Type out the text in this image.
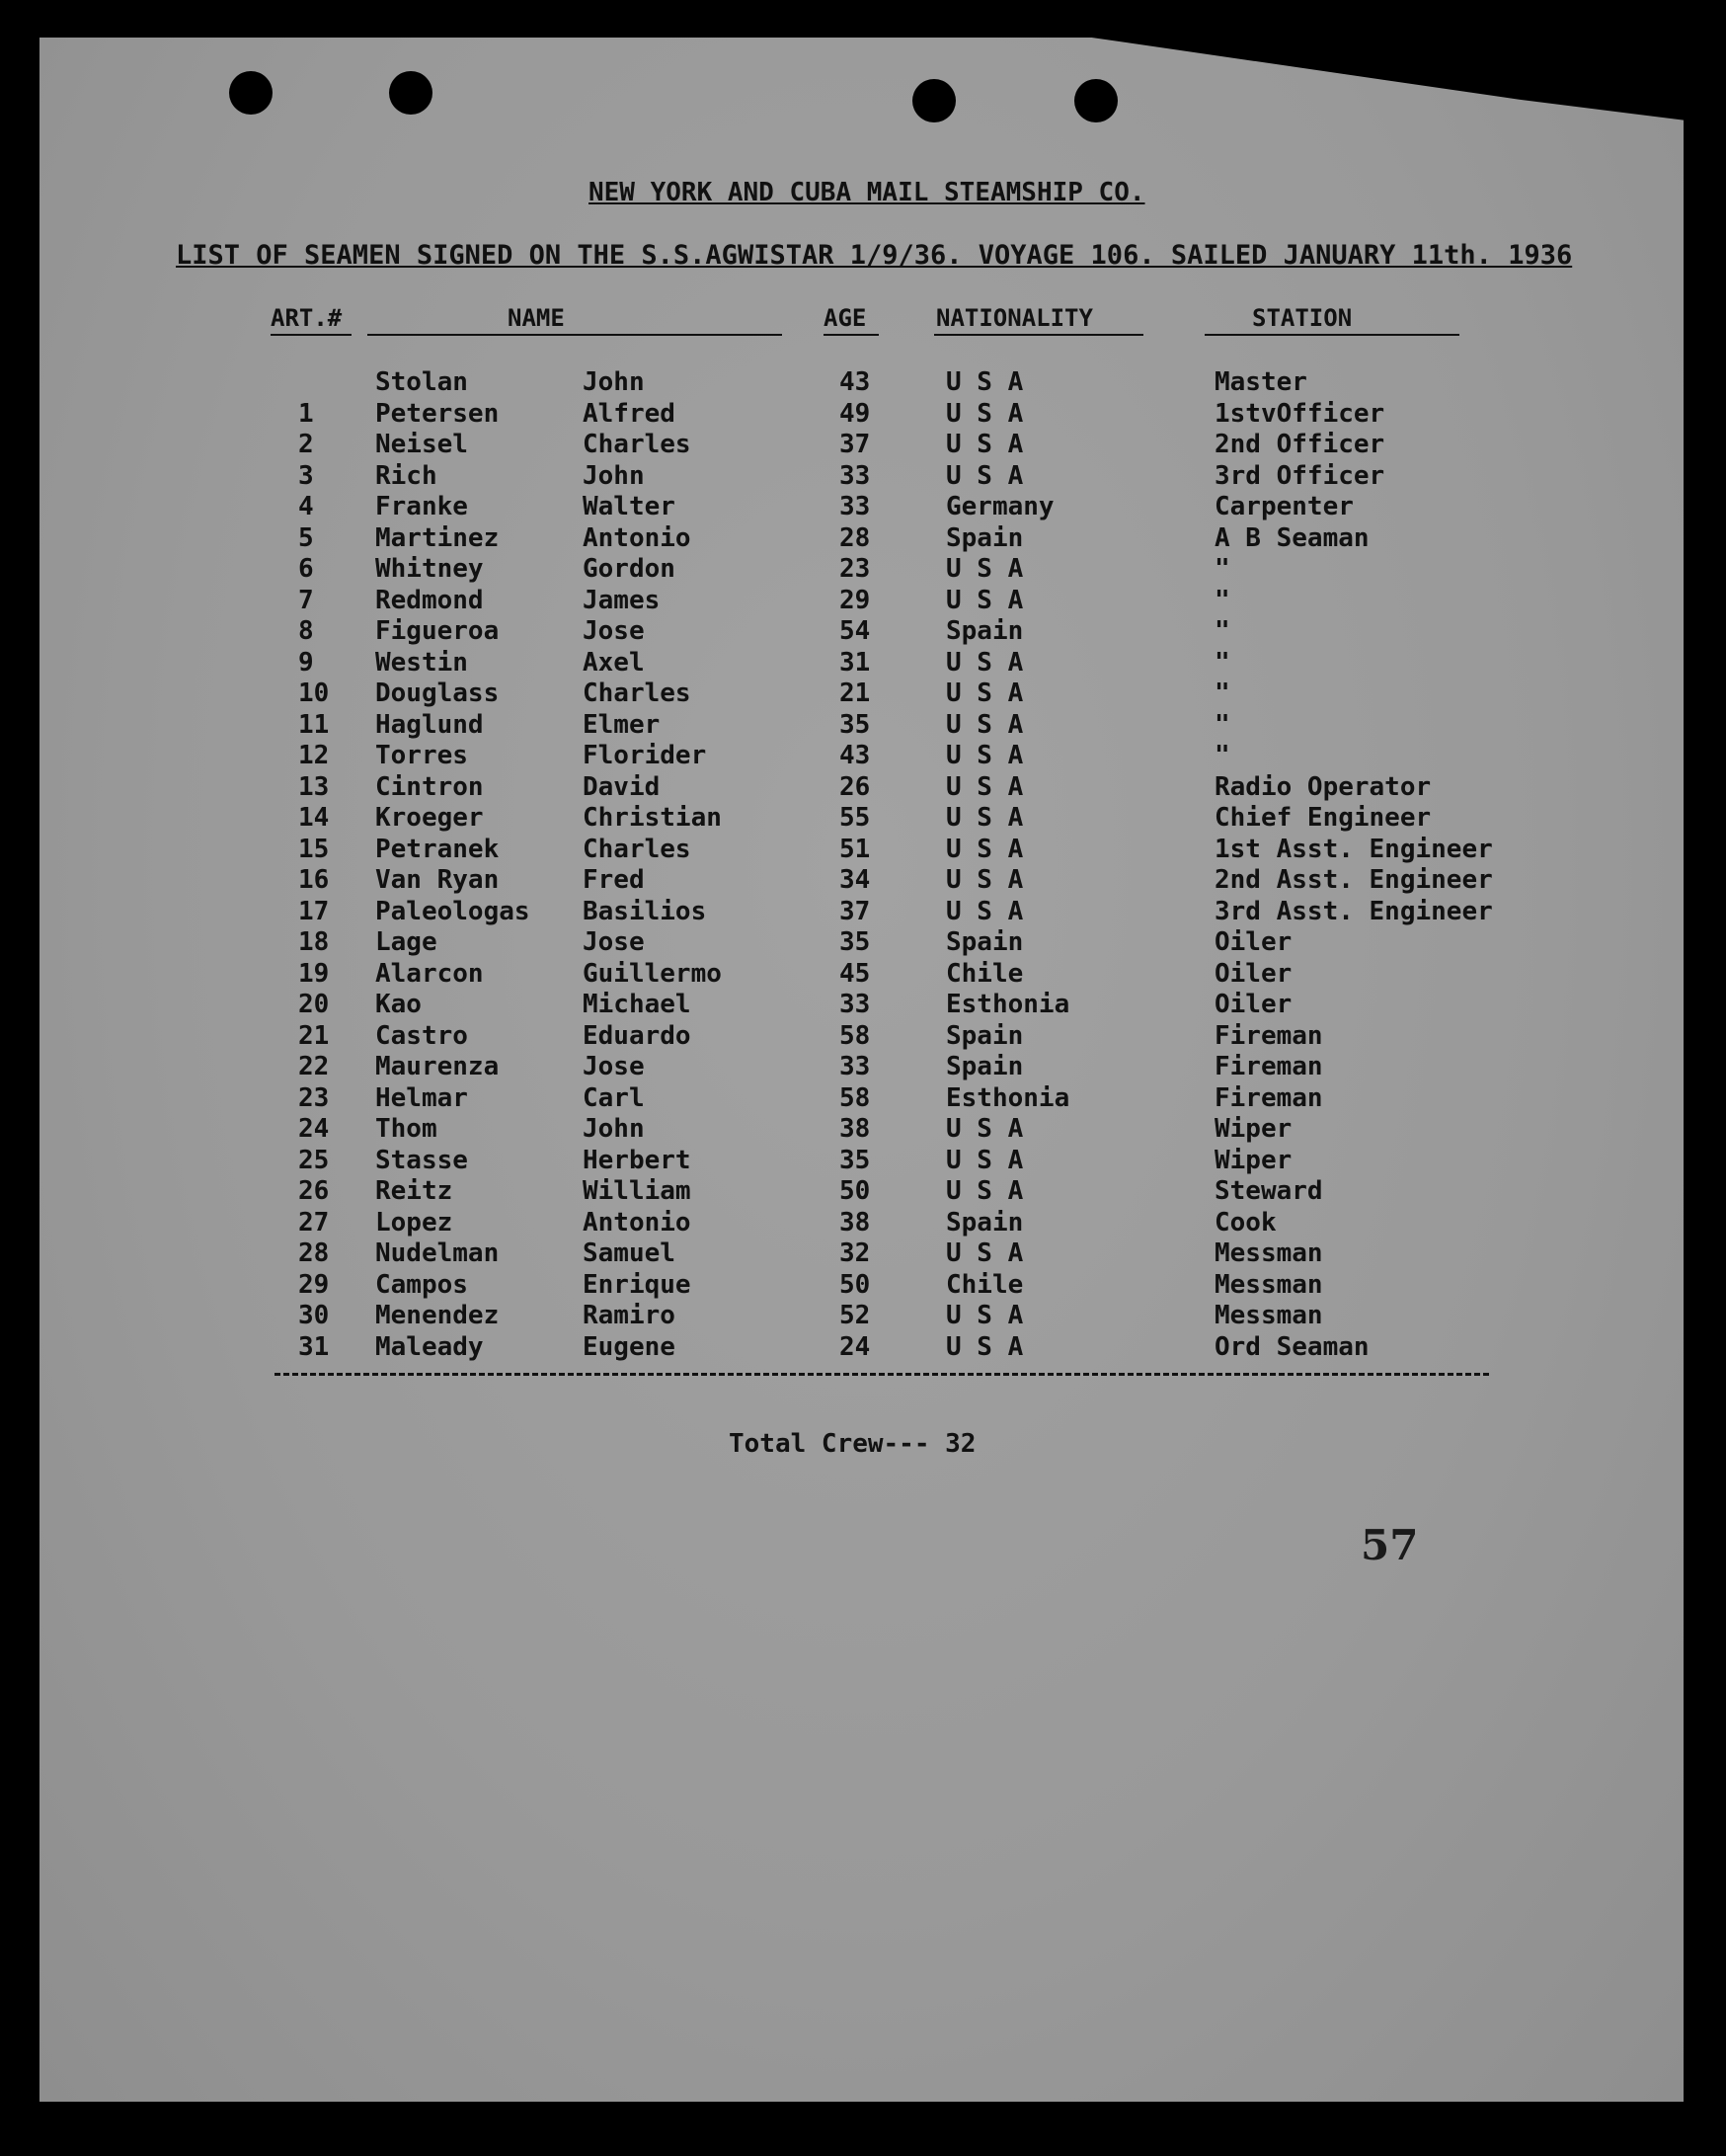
NEW YORK AND CUBA MAIL STEAMSHIP CO.
LIST OF SEAMEN SIGNED ON THE S.S.AGWISTAR 1/9/36. VOYAGE 106. SAILED JANUARY 11th. 1936
ART.#	NAME	AGE	NATIONALITY	STATION
Stolan	John	43	U S A	Master
1 Petersen	Alfred	49	U S A	1stvOfficer
2 Neisel	Charles	37	U S A	2nd Officer
3 Rich	John	33	U S A	3rd Officer
4 Franke	Walter	33	Germany	Carpenter
5 Martinez	Antonio	28	Spain	A B Seaman
6 Whitney	Gordon	23	U S A	"
7 Redmond	James	29	U S A	"
8 Figueroa	Jose	54	Spain	"
9 Westin	Axel	31	U S A	"
10 Douglass	Charles	21	U S A	"
11 Haglund	Elmer	35	U S A	"
12 Torres	Florider	43	U S A	"
13 Cintron	David	26	U S A	Radio Operator
14 Kroeger	Christian	55	U S A	Chief Engineer
15 Petranek	Charles	51	U S A	1st Asst. Engineer
16 Van Ryan	Fred	34	U S A	2nd Asst. Engineer
17 Paleologas Basilios	37	U S A	3rd Asst. Engineer
18 Lage	Jose	35	Spain	Oiler
19 Alarcon	Guillermo	45	Chile	Oiler
20 Kao	Michael	33	Esthonia	Oiler
21 Castro	Eduardo	58	Spain	Fireman
22 Maurenza	Jose	33	Spain	Fireman
23 Helmar	Carl	58	Esthonia	Fireman
24 Thom	John	38	U S A	Wiper
25 Stasse	Herbert	35	U S A	Wiper
26 Reitz	William	50	U S A	Steward
27 Lopez	Antonio	38	Spain	Cook
28 Nudelman	Samuel	32	U S A	Messman
29 Campos	Enrique	50	Chile	Messman
30 Menendez	Ramiro	52	U S A	Messman
31 Maleady	Eugene	24	U S A	Ord Seaman
Total Crew--- 32
57
